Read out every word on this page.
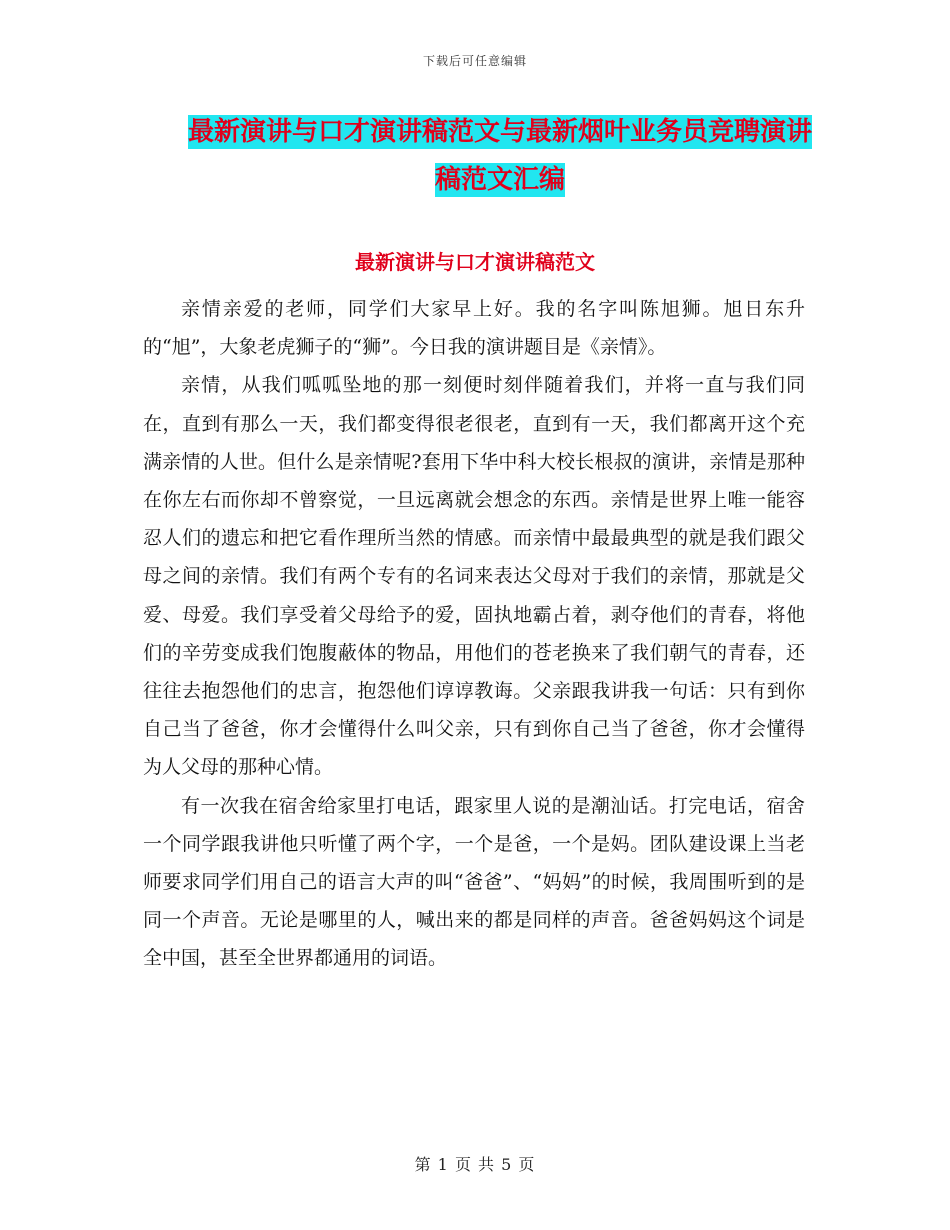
下载后可任意编辑
最新演讲与口才演讲稿范文与最新烟叶业务员竞聘演讲稿范文汇编
最新演讲与口才演讲稿范文

亲情亲爱的老师，同学们大家早上好。我的名字叫陈旭狮。旭日东升的“旭”，大象老虎狮子的“狮”。今日我的演讲题目是《亲情》。

亲情，从我们呱呱坠地的那一刻便时刻伴随着我们，并将一直与我们同在，直到有那么一天，我们都变得很老很老，直到有一天，我们都离开这个充满亲情的人世。但什么是亲情呢?套用下华中科大校长根叔的演讲，亲情是那种在你左右而你却不曾察觉，一旦远离就会想念的东西。亲情是世界上唯一能容忍人们的遗忘和把它看作理所当然的情感。而亲情中最最典型的就是我们跟父母之间的亲情。我们有两个专有的名词来表达父母对于我们的亲情，那就是父爱、母爱。我们享受着父母给予的爱，固执地霸占着，剥夺他们的青春，将他们的辛劳变成我们饱腹蔽体的物品，用他们的苍老换来了我们朝气的青春，还往往去抱怨他们的忠言，抱怨他们谆谆教诲。父亲跟我讲我一句话：只有到你自己当了爸爸，你才会懂得什么叫父亲，只有到你自己当了爸爸，你才会懂得为人父母的那种心情。

有一次我在宿舍给家里打电话，跟家里人说的是潮汕话。打完电话，宿舍一个同学跟我讲他只听懂了两个字，一个是爸，一个是妈。团队建设课上当老师要求同学们用自己的语言大声的叫“爸爸”、“妈妈”的时候，我周围听到的是同一个声音。无论是哪里的人，喊出来的都是同样的声音。爸爸妈妈这个词是全中国，甚至全世界都通用的词语。

第 1 页 共 5 页
